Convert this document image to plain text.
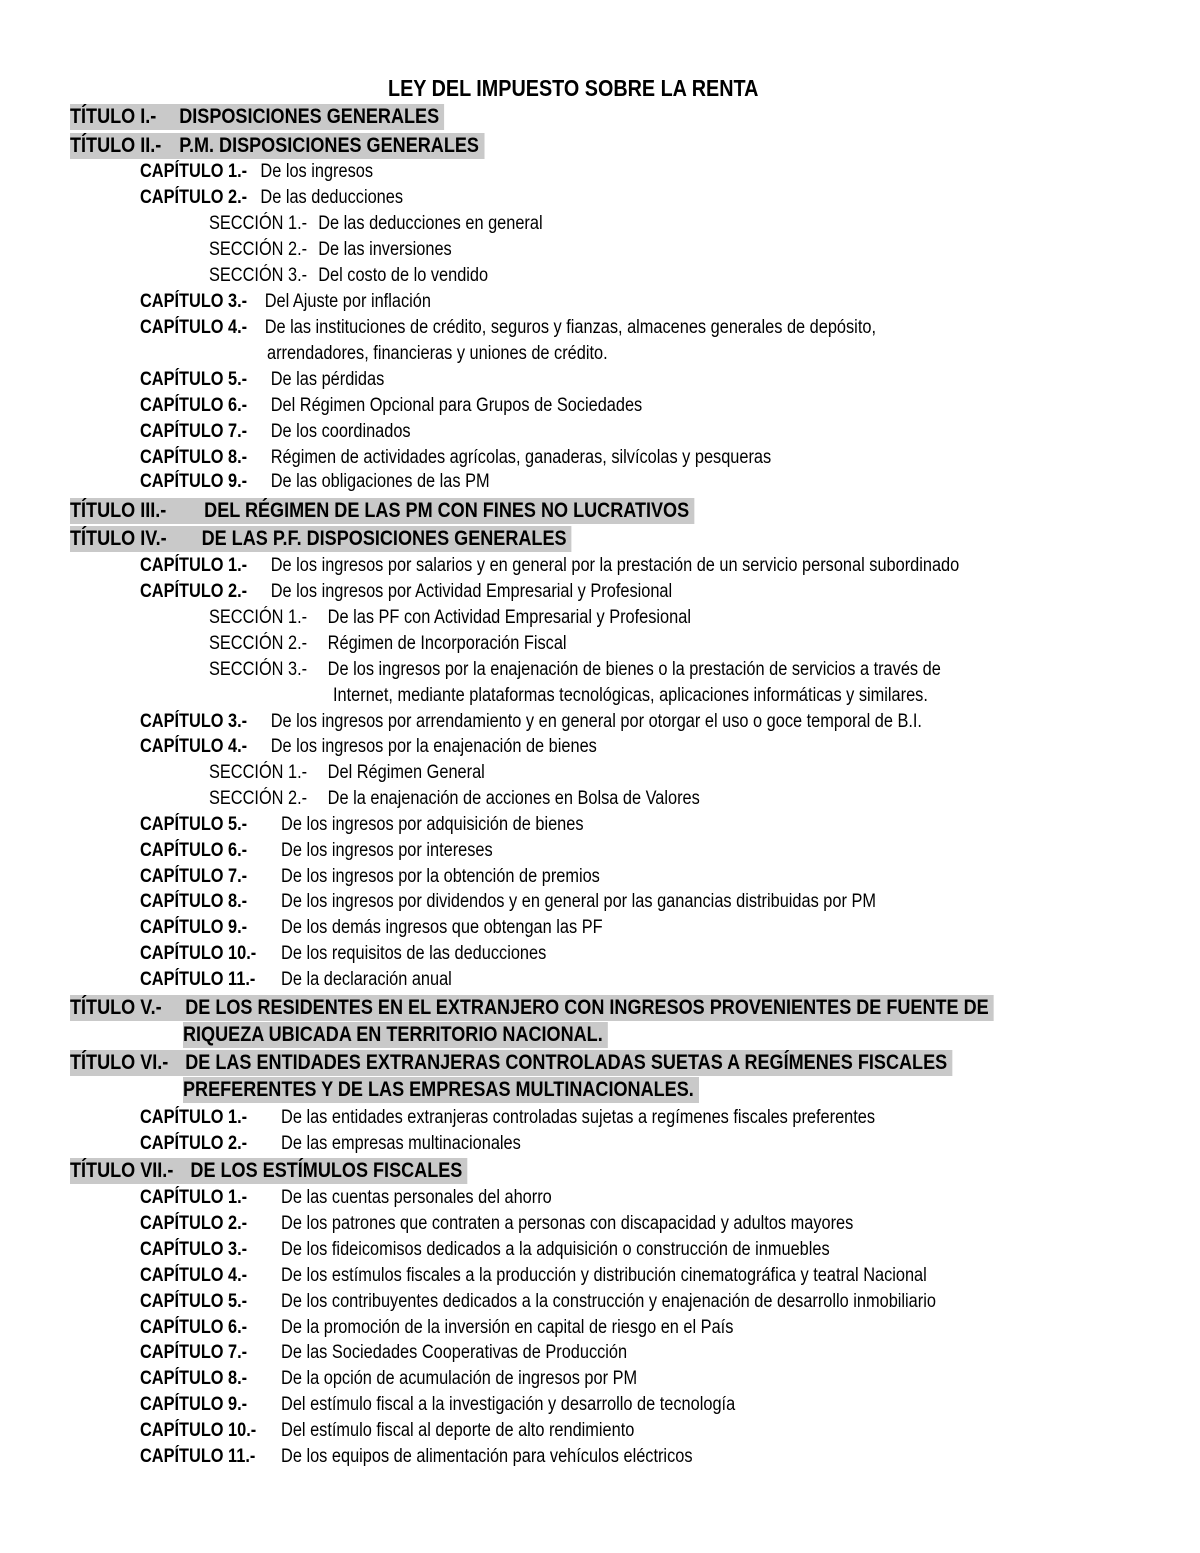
LEY DEL IMPUESTO SOBRE LA RENTA
TÍTULO I.- DISPOSICIONES GENERALES
TÍTULO II.- P.M. DISPOSICIONES GENERALES
CAPÍTULO 1.- De los ingresos
CAPÍTULO 2.- De las deducciones
SECCIÓN 1.- De las deducciones en general
SECCIÓN 2.- De las inversiones
SECCIÓN 3.- Del costo de lo vendido
CAPÍTULO 3.- Del Ajuste por inflación
CAPÍTULO 4.- De las instituciones de crédito, seguros y fianzas, almacenes generales de depósito,
arrendadores, financieras y uniones de crédito.
CAPÍTULO 5.- De las pérdidas
CAPÍTULO 6.- Del Régimen Opcional para Grupos de Sociedades
CAPÍTULO 7.- De los coordinados
CAPÍTULO 8.- Régimen de actividades agrícolas, ganaderas, silvícolas y pesqueras
CAPÍTULO 9.- De las obligaciones de las PM
TÍTULO III.- DEL RÉGIMEN DE LAS PM CON FINES NO LUCRATIVOS
TÍTULO IV.- DE LAS P.F. DISPOSICIONES GENERALES
CAPÍTULO 1.- De los ingresos por salarios y en general por la prestación de un servicio personal subordinado
CAPÍTULO 2.- De los ingresos por Actividad Empresarial y Profesional
SECCIÓN 1.- De las PF con Actividad Empresarial y Profesional
SECCIÓN 2.- Régimen de Incorporación Fiscal
SECCIÓN 3.- De los ingresos por la enajenación de bienes o la prestación de servicios a través de
Internet, mediante plataformas tecnológicas, aplicaciones informáticas y similares.
CAPÍTULO 3.- De los ingresos por arrendamiento y en general por otorgar el uso o goce temporal de B.I.
CAPÍTULO 4.- De los ingresos por la enajenación de bienes
SECCIÓN 1.- Del Régimen General
SECCIÓN 2.- De la enajenación de acciones en Bolsa de Valores
CAPÍTULO 5.- De los ingresos por adquisición de bienes
CAPÍTULO 6.- De los ingresos por intereses
CAPÍTULO 7.- De los ingresos por la obtención de premios
CAPÍTULO 8.- De los ingresos por dividendos y en general por las ganancias distribuidas por PM
CAPÍTULO 9.- De los demás ingresos que obtengan las PF
CAPÍTULO 10.- De los requisitos de las deducciones
CAPÍTULO 11.- De la declaración anual
TÍTULO V.- DE LOS RESIDENTES EN EL EXTRANJERO CON INGRESOS PROVENIENTES DE FUENTE DE
RIQUEZA UBICADA EN TERRITORIO NACIONAL.
TÍTULO VI.- DE LAS ENTIDADES EXTRANJERAS CONTROLADAS SUETAS A REGÍMENES FISCALES
PREFERENTES Y DE LAS EMPRESAS MULTINACIONALES.
CAPÍTULO 1.- De las entidades extranjeras controladas sujetas a regímenes fiscales preferentes
CAPÍTULO 2.- De las empresas multinacionales
TÍTULO VII.- DE LOS ESTÍMULOS FISCALES
CAPÍTULO 1.- De las cuentas personales del ahorro
CAPÍTULO 2.- De los patrones que contraten a personas con discapacidad y adultos mayores
CAPÍTULO 3.- De los fideicomisos dedicados a la adquisición o construcción de inmuebles
CAPÍTULO 4.- De los estímulos fiscales a la producción y distribución cinematográfica y teatral Nacional
CAPÍTULO 5.- De los contribuyentes dedicados a la construcción y enajenación de desarrollo inmobiliario
CAPÍTULO 6.- De la promoción de la inversión en capital de riesgo en el País
CAPÍTULO 7.- De las Sociedades Cooperativas de Producción
CAPÍTULO 8.- De la opción de acumulación de ingresos por PM
CAPÍTULO 9.- Del estímulo fiscal a la investigación y desarrollo de tecnología
CAPÍTULO 10.- Del estímulo fiscal al deporte de alto rendimiento
CAPÍTULO 11.- De los equipos de alimentación para vehículos eléctricos
